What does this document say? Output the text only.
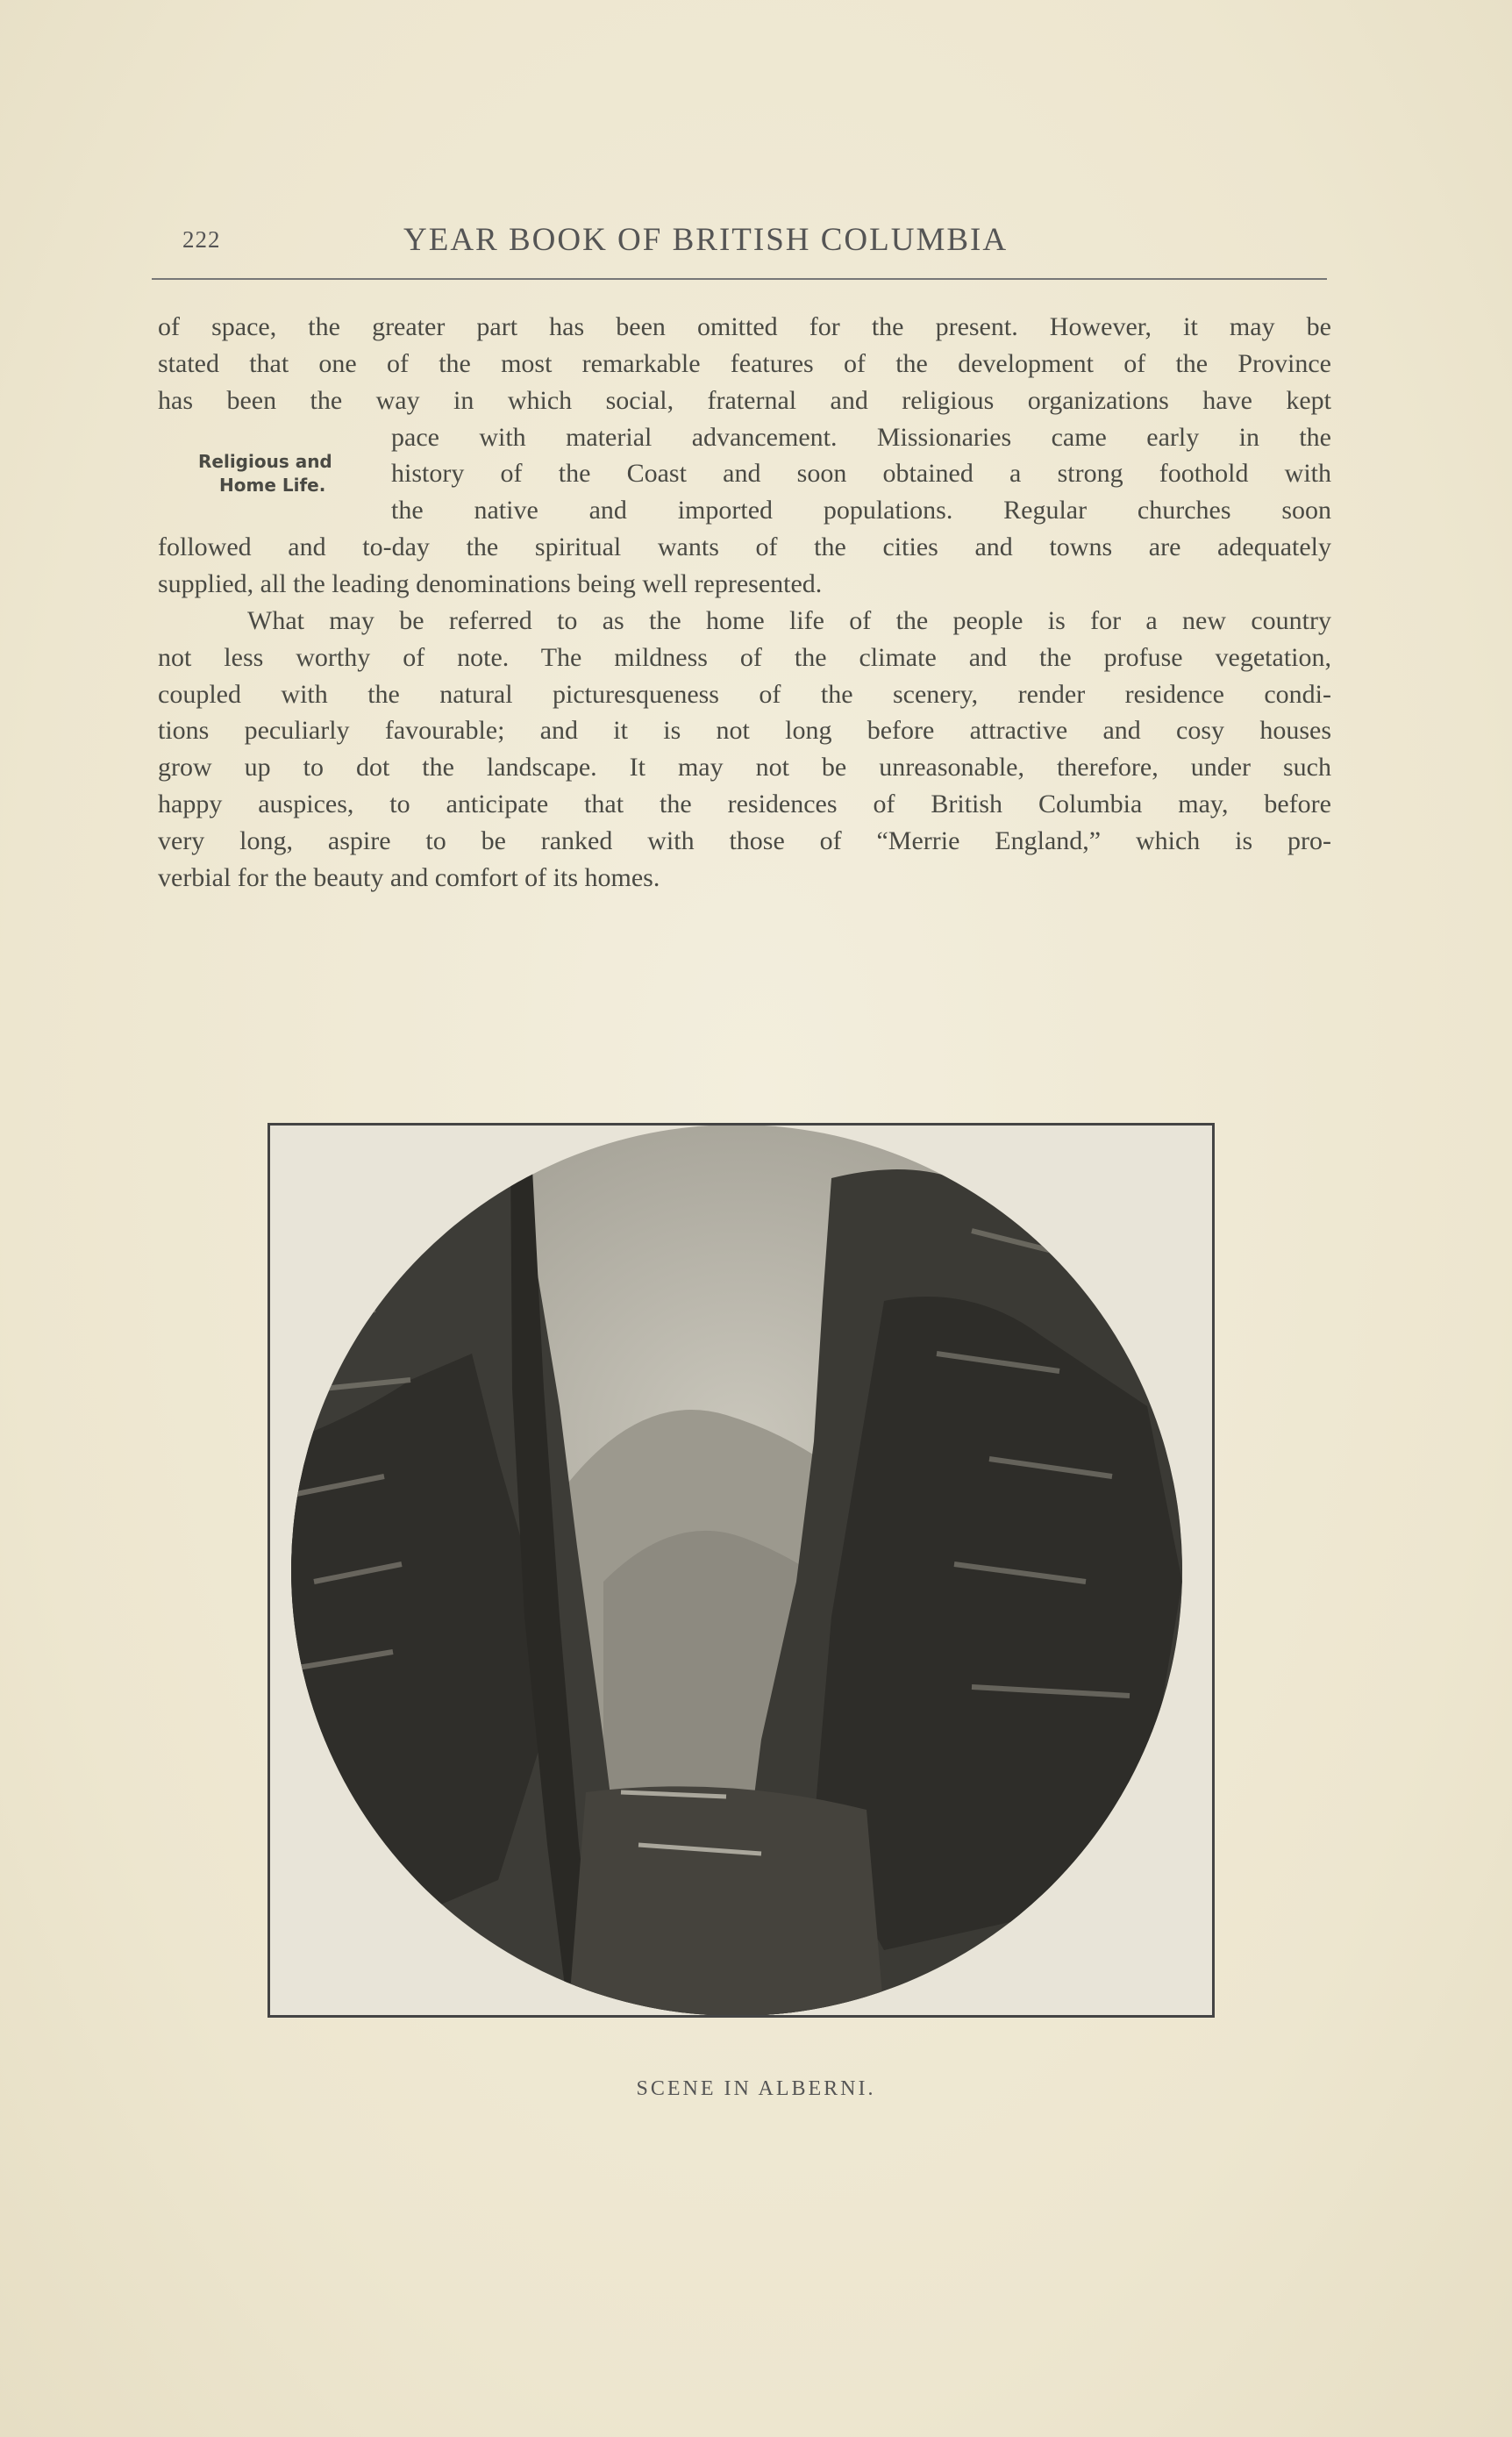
222	YEAR BOOK OF BRITISH COLUMBIA
of space, the greater part has been omitted for the present. However, it may be
stated that one of the most remarkable features of the development of the Province
has been the way in which social, fraternal and religious organizations have kept
pace with material advancement. Missionaries came early in the
history of the Coast and soon obtained a strong foothold with
the native and imported populations. Regular churches soon
followed and to-day the spiritual wants of the cities and towns are adequately
supplied, all the leading denominations being well represented.
What may be referred to as the home life of the people is for a new country
not less worthy of note. The mildness of the climate and the profuse vegetation,
coupled with the natural picturesqueness of the scenery, render residence condi-
tions peculiarly favourable; and it is not long before attractive and cosy houses
grow up to dot the landscape. It may not be unreasonable, therefore, under such
happy auspices, to anticipate that the residences of British Columbia may, before
very long, aspire to be ranked with those of “Merrie England,” which is pro-
verbial for the beauty and comfort of its homes.
Religious and
Home Life.
SCENE IN ALBERNI.
